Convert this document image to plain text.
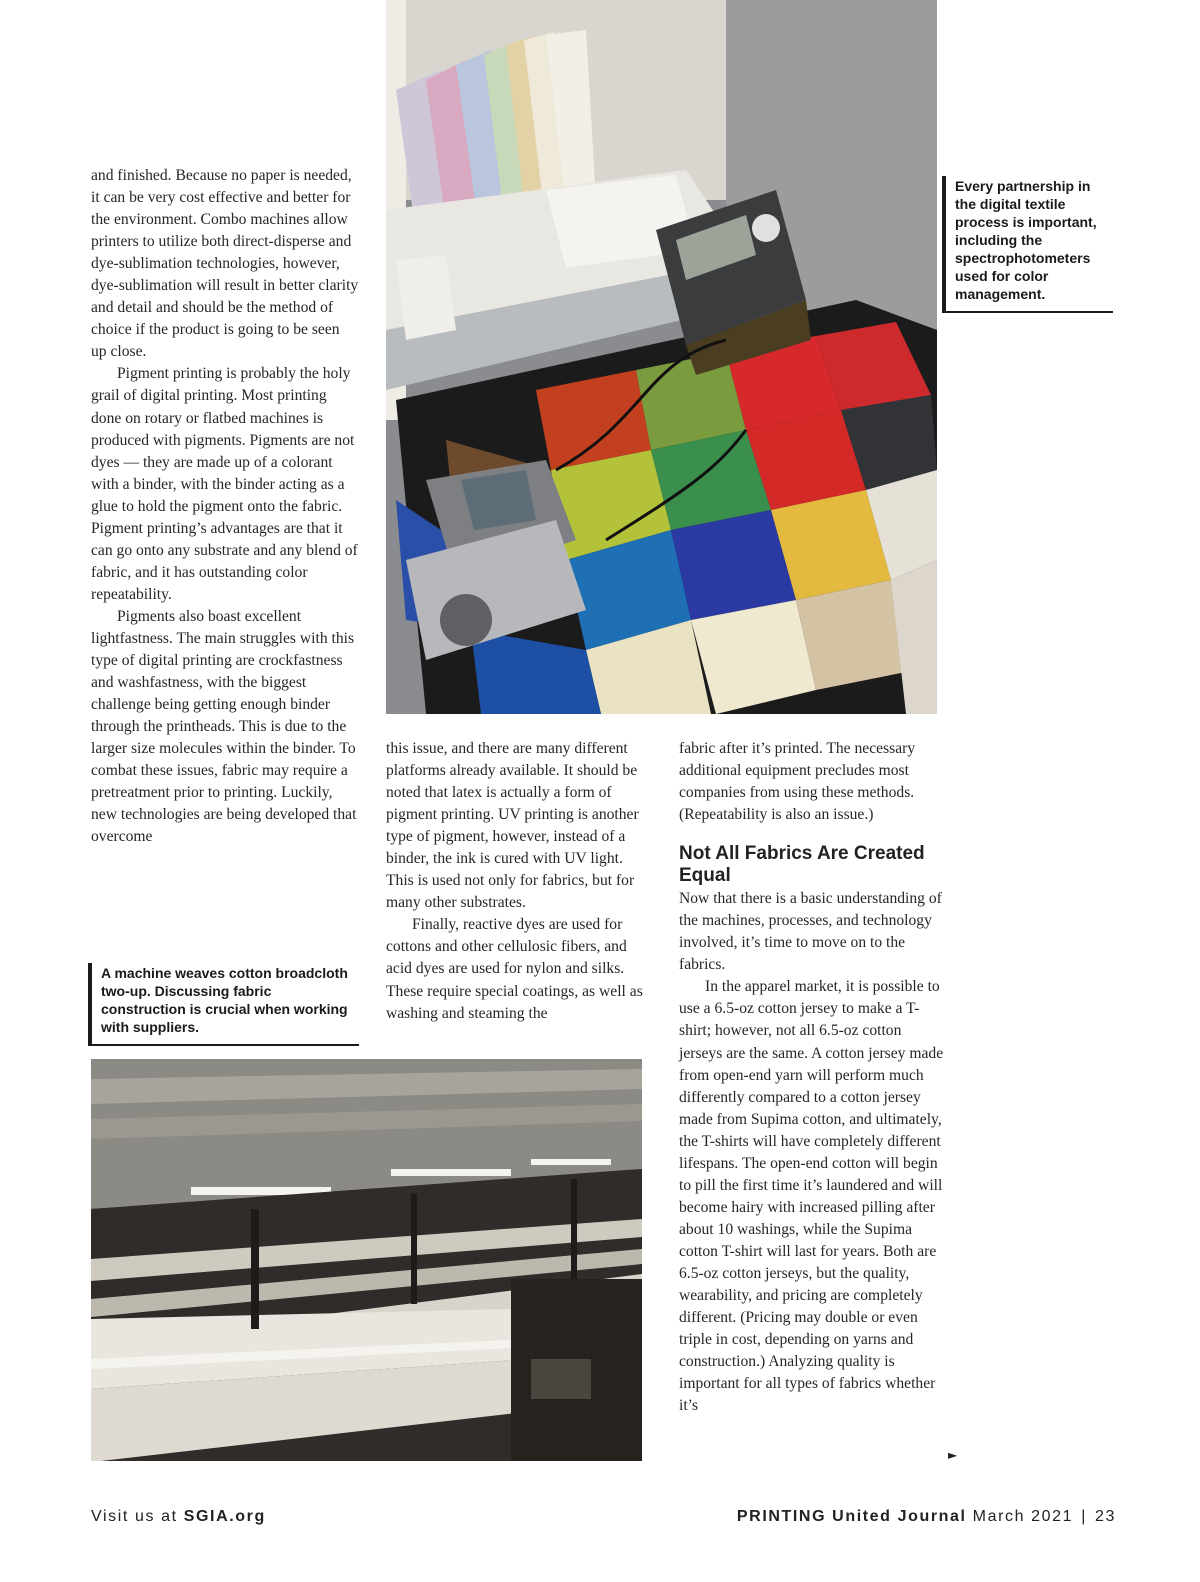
Every partnership in the digital textile process is important, including the spectrophotometers used for color management.

and finished. Because no paper is needed, it can be very cost effective and better for the environment. Combo machines allow printers to utilize both direct-disperse and dye-sublimation technologies, however, dye-sublimation will result in better clarity and detail and should be the method of choice if the product is going to be seen up close.

Pigment printing is probably the holy grail of digital printing. Most printing done on rotary or flatbed machines is produced with pigments. Pigments are not dyes — they are made up of a colorant with a binder, with the binder acting as a glue to hold the pigment onto the fabric. Pigment printing’s advantages are that it can go onto any substrate and any blend of fabric, and it has outstanding color repeatability.

Pigments also boast excellent lightfastness. The main struggles with this type of digital printing are crockfastness and washfastness, with the biggest challenge being getting enough binder through the printheads. This is due to the larger size molecules within the binder. To combat these issues, fabric may require a pretreatment prior to printing. Luckily, new technologies are being developed that overcome

this issue, and there are many different platforms already available. It should be noted that latex is actually a form of pigment printing. UV printing is another type of pigment, however, instead of a binder, the ink is cured with UV light. This is used not only for fabrics, but for many other substrates.

Finally, reactive dyes are used for cottons and other cellulosic fibers, and acid dyes are used for nylon and silks. These require special coatings, as well as washing and steaming the

fabric after it’s printed. The necessary additional equipment precludes most companies from using these methods. (Repeatability is also an issue.)

Not All Fabrics Are Created Equal

Now that there is a basic understanding of the machines, processes, and technology involved, it’s time to move on to the fabrics.

In the apparel market, it is possible to use a 6.5-oz cotton jersey to make a T-shirt; however, not all 6.5-oz cotton jerseys are the same. A cotton jersey made from open-end yarn will perform much differently compared to a cotton jersey made from Supima cotton, and ultimately, the T-shirts will have completely different lifespans. The open-end cotton will begin to pill the first time it’s laundered and will become hairy with increased pilling after about 10 washings, while the Supima cotton T-shirt will last for years. Both are 6.5-oz cotton jerseys, but the quality, wearability, and pricing are completely different. (Pricing may double or even triple in cost, depending on yarns and construction.) Analyzing quality is important for all types of fabrics whether it’s

A machine weaves cotton broadcloth two-up. Discussing fabric construction is crucial when working with suppliers.
►
Visit us at SGIA.org	PRINTING United Journal March 2021 | 23
